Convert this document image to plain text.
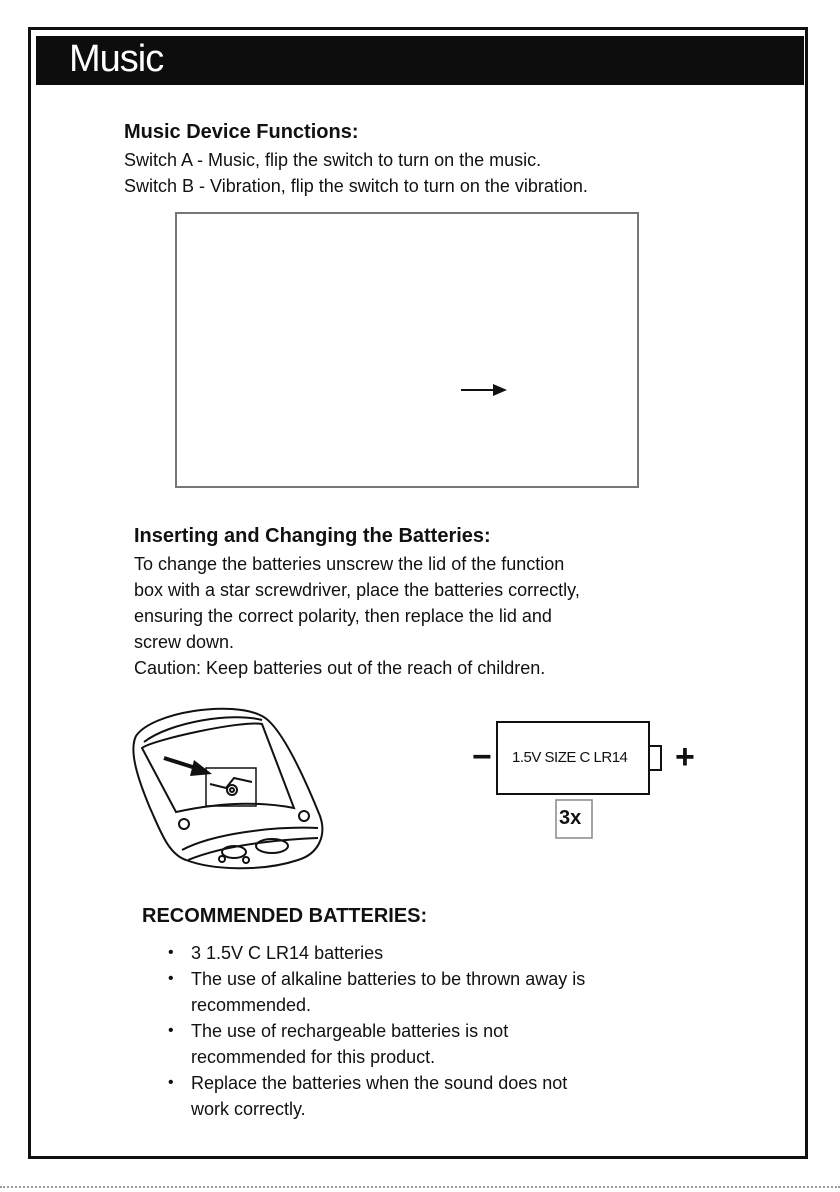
Music
Music Device Functions:

Switch A - Music, flip the switch to turn on the music.

Switch B - Vibration, flip the switch to turn on the vibration.

Inserting and Changing the Batteries:

To change the batteries unscrew the lid of the function

box with a star screwdriver, place the batteries correctly,

ensuring the correct polarity, then replace the lid and

screw down.

Caution: Keep batteries out of the reach of children.

− 1.5V SIZE C LR14 +
3x
RECOMMENDED BATTERIES:
• 3 1.5V C LR14 batteries
• The use of alkaline batteries to be thrown away is
recommended.
• The use of rechargeable batteries is not
recommended for this product.
• Replace the batteries when the sound does not
work correctly.
